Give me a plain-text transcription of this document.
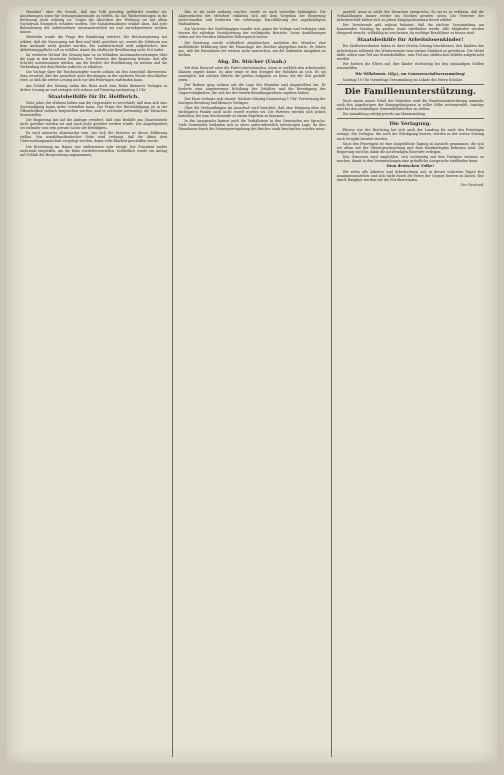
Mandäer“ über die Gewalt, daß das Volk gewaltig gefährdet werden sei. Anordnungen seien für Vermögensbestände zu treffen, da das Wiedereintragen in die Rechnung nicht zulässig ist. Gegen die Absichten der Werbung sei mit allem Nachdruck Einspruch erhoben worden. Die Sozialdemokratie erklärt dazu, daß jede Behinderung der Arbeitnehmer unverantwortlich sei und zurückgewiesen werden müsse.

Weiterhin wurde die Frage der Ernährung erörtert. Die Reichsregierung hat erklärt, daß die Versorgung mit Brot und Mehl gesichert sei, soweit die Zufuhren aus dem Auslande nicht gestört werden. Die Landwirtschaft wird aufgefordert, ihre Ablieferungspflicht voll zu erfüllen, damit die städtische Bevölkerung nicht Not leidet.

Im weiteren Verlauf der Sitzung kam es zu lebhaften Auseinandersetzungen über die Lage in den besetzten Gebieten. Der Vertreter der Regierung betonte, daß alle Schritte unternommen würden, um die Rechte der Bevölkerung zu wahren und die Verbindung mit dem Reiche aufrecht zu erhalten.

Die Vorlage über die Reichsnotopfer wurde sodann an den Ausschuß überwiesen. Man erwartet, daß der Ausschuß seine Beratungen in der nächsten Woche abschließen wird, so daß die zweite Lesung noch vor den Feiertagen stattfinden kann.

Am Schluß der Sitzung nahm das Haus noch eine Reihe kleinerer Vorlagen in dritter Lesung an und vertagte sich sodann auf Dienstag nachmittag 2 Uhr.

Staatsbeihilfe für Dr. Helfferich.

Zehn Jahre des Wirkens haben nun die Gegensätze so verschärft, daß man sich eine Verständigung kaum mehr vorstellen kann. Die Frage der Entschädigung ist in der Öffentlichkeit vielfach besprochen worden, und es erscheint notwendig, die Tatsachen festzustellen.

Die Regierung hat auf die Anfrage erwidert, daß eine Beihilfe aus Staatsmitteln nicht gewährt worden sei und auch nicht gewährt werden würde. Die Angelegenheit sei vielmehr eine rein private Sache der Beteiligten.

Es wird nunmehr abzuwarten sein, wie sich die Parteien zu dieser Erklärung stellen. Von sozialdemokratischer Seite wird verlangt, daß die Akten dem Untersuchungsausschuß vorgelegt werden, damit volle Klarheit geschaffen werde.

Die Erörterung im Hause war stellenweise sehr erregt. Der Präsident mußte mehrmals eingreifen, um die Ruhe wiederherzustellen. Schließlich wurde ein Antrag auf Schluß der Besprechung angenommen.

Was er als nicht zulässig erachte, werde er auch weiterhin bekämpfen. Die Abgeordneten der Mehrheit erklärten sich mit dem Vorgehen der Regierung einverstanden und forderten die schleunige Durchführung der angekündigten Maßnahmen.

Ein Vertreter der Unabhängigen wandte sich gegen die Vorlage und verlangte statt dessen die sofortige Sozialisierung der wichtigsten Betriebe. Seine Ausführungen riefen auf der Rechten lebhaften Widerspruch hervor.

Die Beratung wurde schließlich abgebrochen, nachdem der Minister eine ausführliche Erklärung über die Finanzlage des Reiches abgegeben hatte. Er führte aus, daß die Einnahmen bei weitem nicht ausreichen, um die laufenden Ausgaben zu decken.

Abg. Dr. Stöcker (Unab.)

Mit dem Entwurf wäre die Partei einverstanden, wenn er wirklich den arbeitenden Klassen zugute käme. So aber trage er den Stempel der Halbheit an sich. Es sei unmöglich, mit solchen Mitteln die großen Aufgaben zu lösen, die der Zeit gestellt seien.

Der Redner ging sodann auf die Lage der Beamten und Angestellten ein. Er forderte eine angemessene Erhöhung der Gehälter und die Beseitigung der Ungerechtigkeiten, die sich bei der letzten Besoldungsreform ergeben hätten.

Das Haus vertagte sich darauf. Nächste Sitzung Donnerstag 1 Uhr: Fortsetzung der heutigen Beratung und kleinere Vorlagen.

Über die Verhandlungen im Ausschuß wird berichtet, daß eine Einigung über die wichtigsten Punkte noch nicht erzielt worden sei. Die Parteien würden sich jedoch bemühen, bis zum Wochenende zu einem Ergebnis zu kommen.

In der Aussprache kamen auch die Verhältnisse in den Gemeinden zur Sprache. Viele Gemeinden befänden sich in einer außerordentlich schwierigen Lage, da ihre Einnahmen durch die Steuergesetzgebung des Reiches stark beschnitten worden seien.

geprüft, wenn er nicht den Tatsachen entspreche. So sei es zu erklären, daß die Verhandlungen immer wieder ins Stocken geraten seien. Die Vertreter der Arbeiterschaft hätten sich zu jedem Entgegenkommen bereit erklärt.

Der Vorsitzende gab sodann bekannt, daß die nächste Versammlung am kommenden Sonntag im großen Saale stattfinden werde. Alle Mitglieder werden dringend ersucht, vollzählig zu erscheinen, da wichtige Beschlüsse zu fassen sind.

Staatsbeihilfe für Arbeitslosenkinder!

Die Stadtverordneten haben in ihrer letzten Sitzung beschlossen, den Kindern der Arbeitslosen während der Wintermonate eine warme Mahlzeit zu gewähren. Die Mittel dafür sollen zum Teil aus Staatsbeihilfen, zum Teil aus städtischen Mitteln aufgebracht werden.

Wir fordern die Eltern auf, ihre Kinder rechtzeitig bei den zuständigen Stellen anzumelden.

Wie Wilhelmsstr. (Klp.), zur Genossenschaftsversammlung!

Sonntag 10 Uhr Vormittags Versammlung im Lokale des Herrn Schulze.

Die Familienunterstützung.

Nach einem neuen Erlaß des Ministers wird die Familienunterstützung nunmehr auch den Angehörigen der Kriegsgefangenen in voller Höhe weitergezahlt. Anträge sind bei den zuständigen Gemeindebehörden zu stellen.

Die Auszahlung erfolgt jeweils am Monatsanfang.

Die Verlagung.

Ebenso wie der Reichstag hat sich auch der Landtag bis nach den Feiertagen vertagt. Die Vorlagen, die noch der Erledigung harren, werden in der ersten Sitzung nach Neujahr beraten werden.

Nach den Feiertagen ist eine ausgedehnte Tagung in Aussicht genommen, die sich vor allem mit der Steuergesetzgebung und dem Haushaltsplan befassen wird. Die Regierung wird bis dahin die notwendigen Entwürfe vorlegen.

Den Genossen wird empfohlen, sich rechtzeitig mit den Vorlagen vertraut zu machen, damit in den Versammlungen eine gründliche Aussprache stattfinden kann.

Dem deutschen Volke!

Wir rufen alle Arbeiter und Arbeiterinnen auf, in diesen schweren Tagen fest zusammenzustehen und sich nicht durch die Hetze der Gegner beirren zu lassen. Nur durch Einigkeit werden wir die Not überwinden.

Der Vorstand.
